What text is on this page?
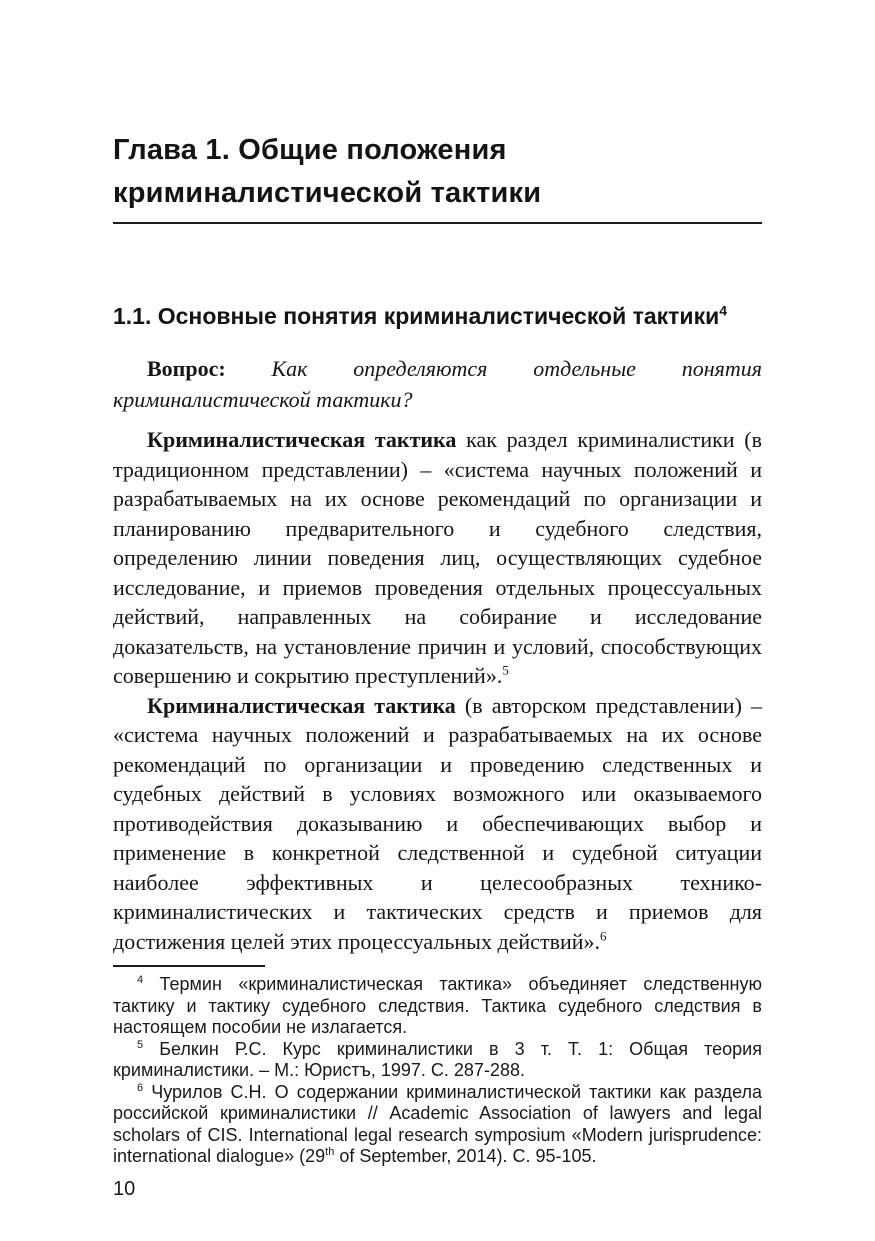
Глава 1. Общие положения криминалистической тактики
1.1. Основные понятия криминалистической тактики$^4$

Вопрос: Как определяются отдельные понятия криминалистической тактики?

Криминалистическая тактика как раздел криминалистики (в традиционном представлении) – «система научных положений и разрабатываемых на их основе рекомендаций по организации и планированию предварительного и судебного следствия, определению линии поведения лиц, осуществляющих судебное исследование, и приемов проведения отдельных процессуальных действий, направленных на собирание и исследование доказательств, на установление причин и условий, способствующих совершению и сокрытию преступлений».$^5$

Криминалистическая тактика (в авторском представлении) – «система научных положений и разрабатываемых на их основе рекомендаций по организации и проведению следственных и судебных действий в условиях возможного или оказываемого противодействия доказыванию и обеспечивающих выбор и применение в конкретной следственной и судебной ситуации наиболее эффективных и целесообразных технико-криминалистических и тактических средств и приемов для достижения целей этих процессуальных действий».$^6$

$^4$ Термин «криминалистическая тактика» объединяет следственную тактику и тактику судебного следствия. Тактика судебного следствия в настоящем пособии не излагается.

$^5$ Белкин Р.С. Курс криминалистики в 3 т. Т. 1: Общая теория криминалистики. – М.: Юристъ, 1997. С. 287-288.

$^6$ Чурилов С.Н. О содержании криминалистической тактики как раздела российской криминалистики // Academic Association of lawyers and legal scholars of CIS. International legal research symposium «Modern jurisprudence: international dialogue» (29th of September, 2014). С. 95-105.

10
